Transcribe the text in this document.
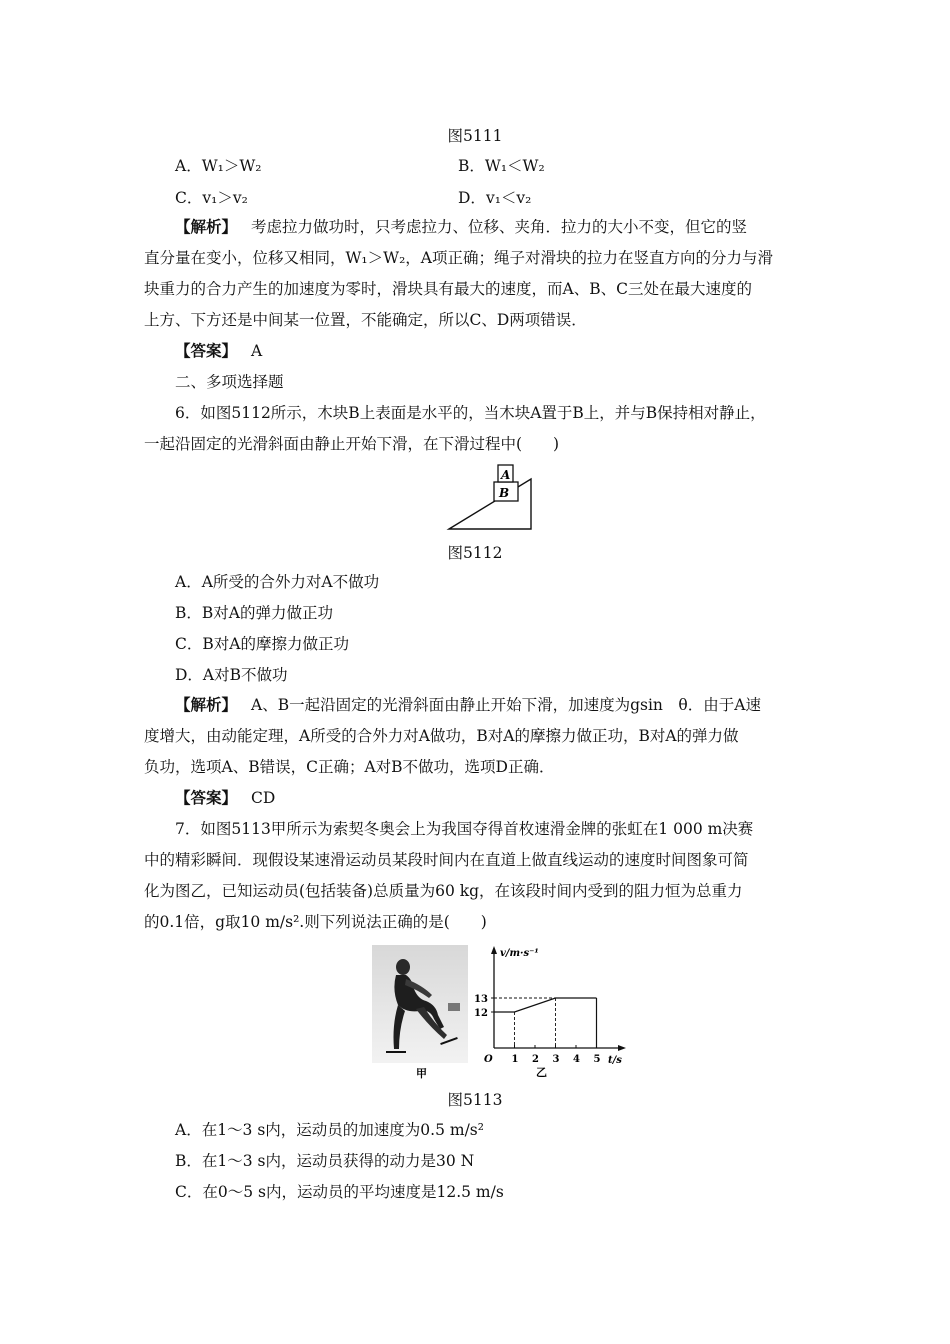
图5111
A．W₁＞W₂	B．W₁＜W₂
C．v₁＞v₂	D．v₁＜v₂
【解析】 考虑拉力做功时，只考虑拉力、位移、夹角．拉力的大小不变，但它的竖
直分量在变小，位移又相同，W₁＞W₂，A项正确；绳子对滑块的拉力在竖直方向的分力与滑
块重力的合力产生的加速度为零时，滑块具有最大的速度，而A、B、C三处在最大速度的
上方、下方还是中间某一位置，不能确定，所以C、D两项错误．
【答案】 A
二、多项选择题
6．如图5112所示，木块B上表面是水平的，当木块A置于B上，并与B保持相对静止，
一起沿固定的光滑斜面由静止开始下滑，在下滑过程中(　　)
A
B
图5112
A．A所受的合外力对A不做功
B．B对A的弹力做正功
C．B对A的摩擦力做正功
D．A对B不做功
【解析】 A、B一起沿固定的光滑斜面由静止开始下滑，加速度为gsin　θ．由于A速
度增大，由动能定理，A所受的合外力对A做功，B对A的摩擦力做正功，B对A的弹力做
负功，选项A、B错误，C正确；A对B不做功，选项D正确．
【答案】 CD
7．如图5113甲所示为索契冬奥会上为我国夺得首枚速滑金牌的张虹在1 000 m决赛
中的精彩瞬间．现假设某速滑运动员某段时间内在直道上做直线运动的速度时间图象可简
化为图乙，已知运动员(包括装备)总质量为60 kg，在该段时间内受到的阻力恒为总重力
的0.1倍，g取10 m/s².则下列说法正确的是(　　)
甲
v/m·s⁻¹
t/s
O
12
13
1 2 3 4 5
乙
图5113
A．在1～3 s内，运动员的加速度为0.5 m/s²
B．在1～3 s内，运动员获得的动力是30 N
C．在0～5 s内，运动员的平均速度是12.5 m/s
